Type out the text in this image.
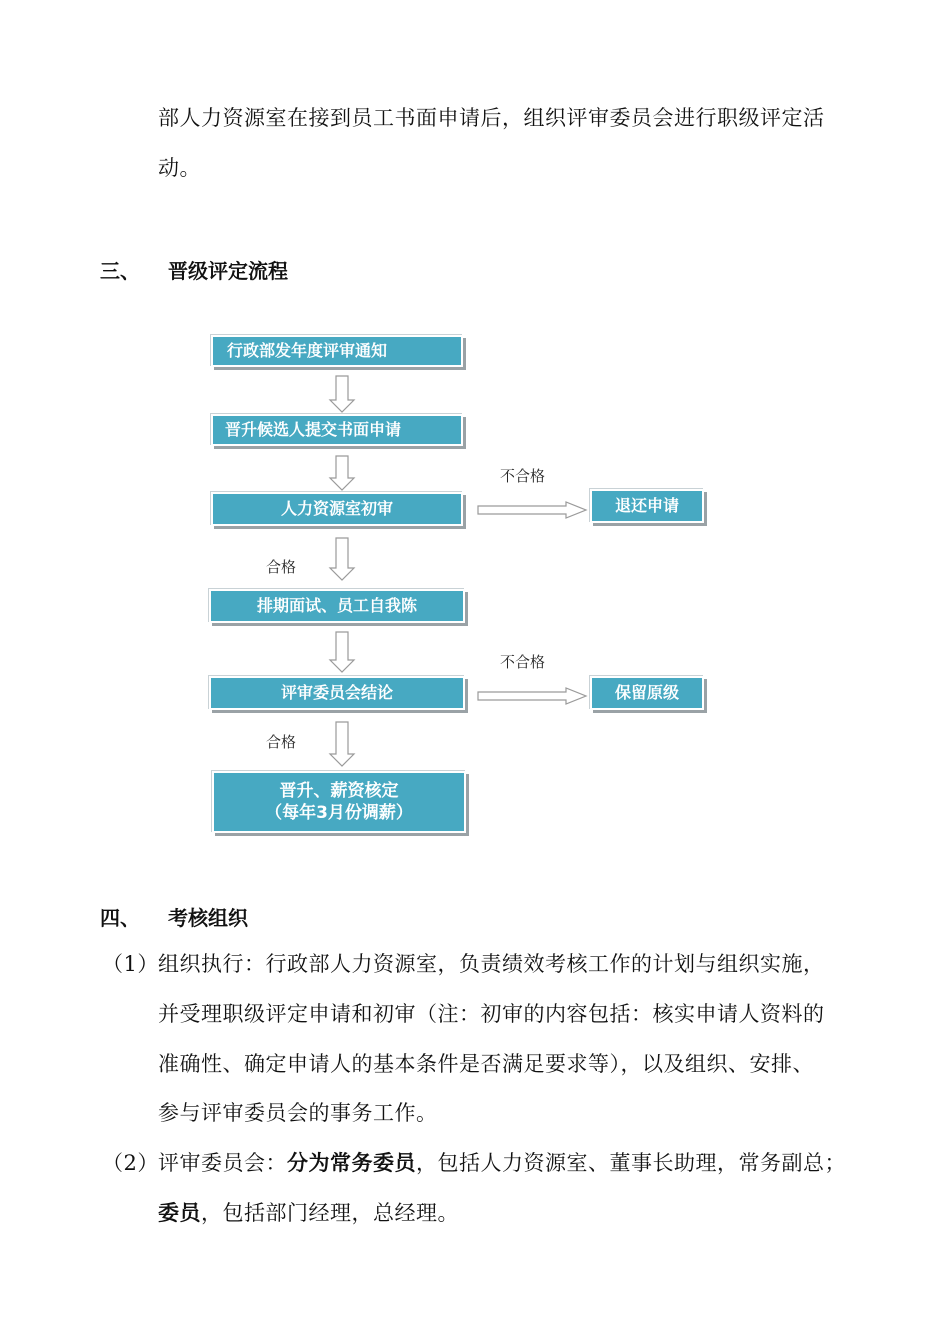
部人力资源室在接到员工书面申请后，组织评审委员会进行职级评定活
动。
三、 晋级评定流程
行政部发年度评审通知
晋升候选人提交书面申请
人力资源室初审
排期面试、员工自我陈
评审委员会结论
晋升、薪资核定
（每年3月份调薪）
退还申请
保留原级
不合格
不合格
合格
合格
四、 考核组织
（1） 组织执行：行政部人力资源室，负责绩效考核工作的计划与组织实施，
并受理职级评定申请和初审（注：初审的内容包括：核实申请人资料的
准确性、确定申请人的基本条件是否满足要求等），以及组织、安排、
参与评审委员会的事务工作。
（2） 评审委员会：分为常务委员，包括人力资源室、董事长助理，常务副总；
委员，包括部门经理，总经理。
